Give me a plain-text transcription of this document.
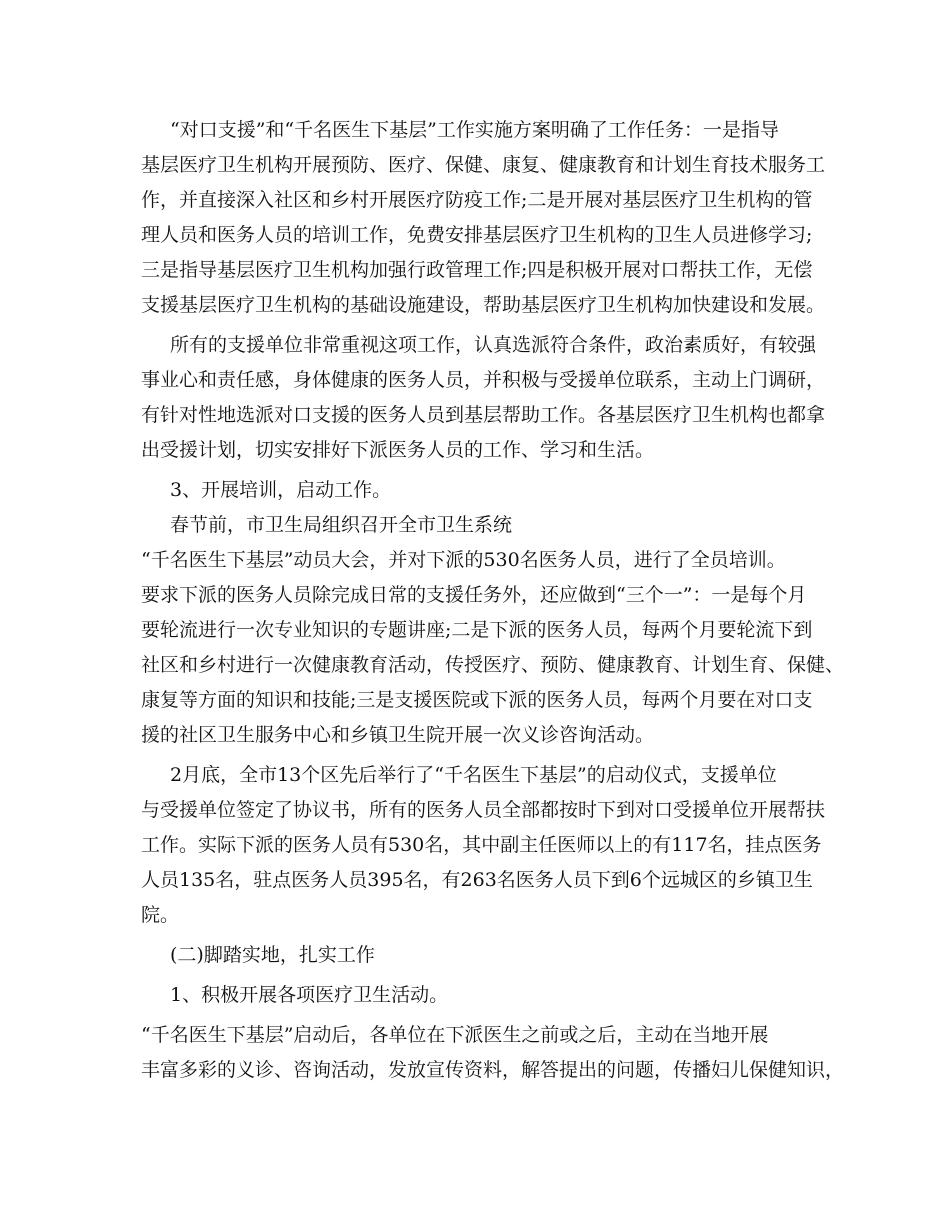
“对口支援”和“千名医生下基层”工作实施方案明确了工作任务：一是指导
基层医疗卫生机构开展预防、医疗、保健、康复、健康教育和计划生育技术服务工
作，并直接深入社区和乡村开展医疗防疫工作;二是开展对基层医疗卫生机构的管
理人员和医务人员的培训工作，免费安排基层医疗卫生机构的卫生人员进修学习;
三是指导基层医疗卫生机构加强行政管理工作;四是积极开展对口帮扶工作，无偿
支援基层医疗卫生机构的基础设施建设，帮助基层医疗卫生机构加快建设和发展。
所有的支援单位非常重视这项工作，认真选派符合条件，政治素质好，有较强
事业心和责任感，身体健康的医务人员，并积极与受援单位联系，主动上门调研，
有针对性地选派对口支援的医务人员到基层帮助工作。各基层医疗卫生机构也都拿
出受援计划，切实安排好下派医务人员的工作、学习和生活。
3、开展培训，启动工作。
春节前，市卫生局组织召开全市卫生系统
“千名医生下基层”动员大会，并对下派的530名医务人员，进行了全员培训。
要求下派的医务人员除完成日常的支援任务外，还应做到“三个一”：一是每个月
要轮流进行一次专业知识的专题讲座;二是下派的医务人员，每两个月要轮流下到
社区和乡村进行一次健康教育活动，传授医疗、预防、健康教育、计划生育、保健、
康复等方面的知识和技能;三是支援医院或下派的医务人员，每两个月要在对口支
援的社区卫生服务中心和乡镇卫生院开展一次义诊咨询活动。
2月底，全市13个区先后举行了“千名医生下基层”的启动仪式，支援单位
与受援单位签定了协议书，所有的医务人员全部都按时下到对口受援单位开展帮扶
工作。实际下派的医务人员有530名，其中副主任医师以上的有117名，挂点医务
人员135名，驻点医务人员395名，有263名医务人员下到6个远城区的乡镇卫生
院。
(二)脚踏实地，扎实工作
1、积极开展各项医疗卫生活动。
“千名医生下基层”启动后，各单位在下派医生之前或之后，主动在当地开展
丰富多彩的义诊、咨询活动，发放宣传资料，解答提出的问题，传播妇儿保健知识，
